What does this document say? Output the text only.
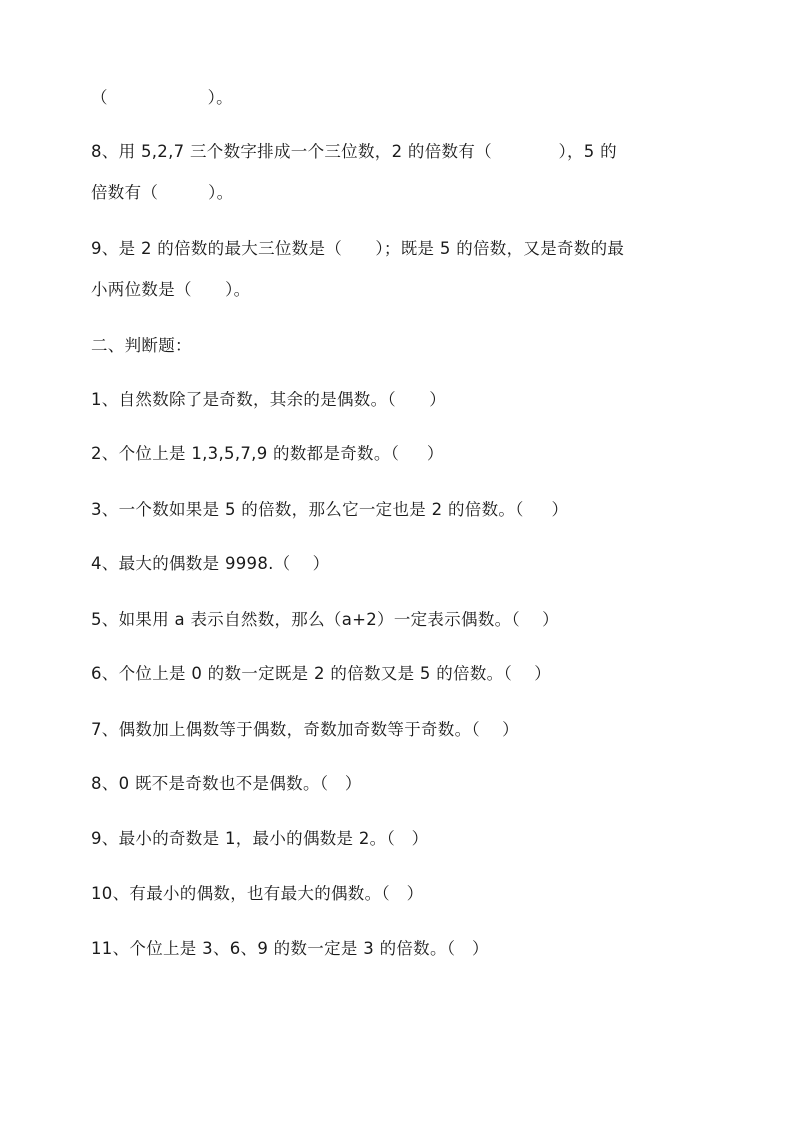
（                  ）。
8、用 5,2,7 三个数字排成一个三位数，2 的倍数有（            ），5 的
倍数有（         ）。
9、是 2 的倍数的最大三位数是（      ）；既是 5 的倍数，又是奇数的最
小两位数是（      ）。
二、判断题：
1、自然数除了是奇数，其余的是偶数。（      ）
2、个位上是 1,3,5,7,9 的数都是奇数。（     ）
3、一个数如果是 5 的倍数，那么它一定也是 2 的倍数。（     ）
4、最大的偶数是 9998.（    ）
5、如果用 a 表示自然数，那么（a+2）一定表示偶数。（    ）
6、个位上是 0 的数一定既是 2 的倍数又是 5 的倍数。（    ）
7、偶数加上偶数等于偶数，奇数加奇数等于奇数。（    ）
8、0 既不是奇数也不是偶数。（   ）
9、最小的奇数是 1，最小的偶数是 2。（   ）
10、有最小的偶数，也有最大的偶数。（   ）
11、个位上是 3、6、9 的数一定是 3 的倍数。（   ）
